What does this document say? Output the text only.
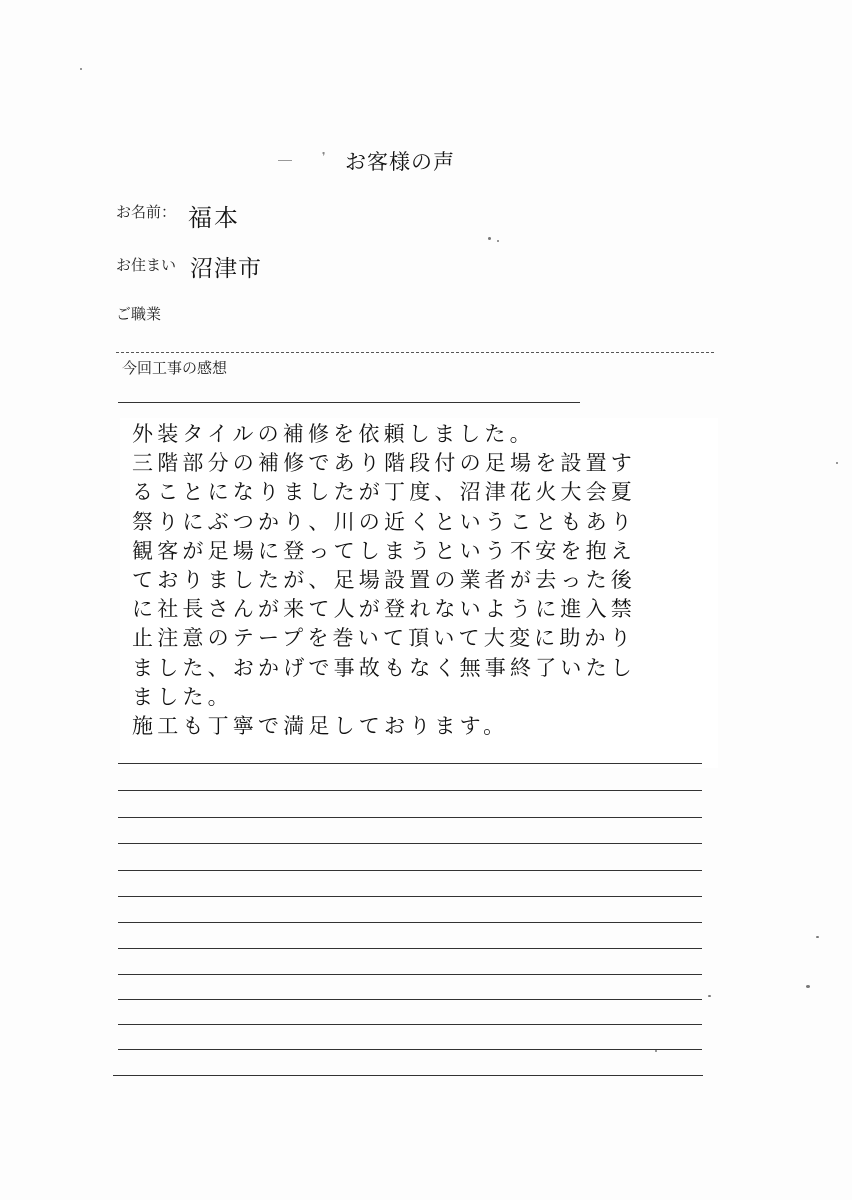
❜ お客様の声
お名前： 福本
お住まい 沼津市
ご職業
今回工事の感想
外装タイルの補修を依頼しました。
三階部分の補修であり階段付の足場を設置す
ることになりましたが丁度、沼津花火大会夏
祭りにぶつかり、川の近くということもあり
観客が足場に登ってしまうという不安を抱え
ておりましたが、足場設置の業者が去った後
に社長さんが来て人が登れないように進入禁
止注意のテープを巻いて頂いて大変に助かり
ました、おかげで事故もなく無事終了いたし
ました。
施工も丁寧で満足しております。
